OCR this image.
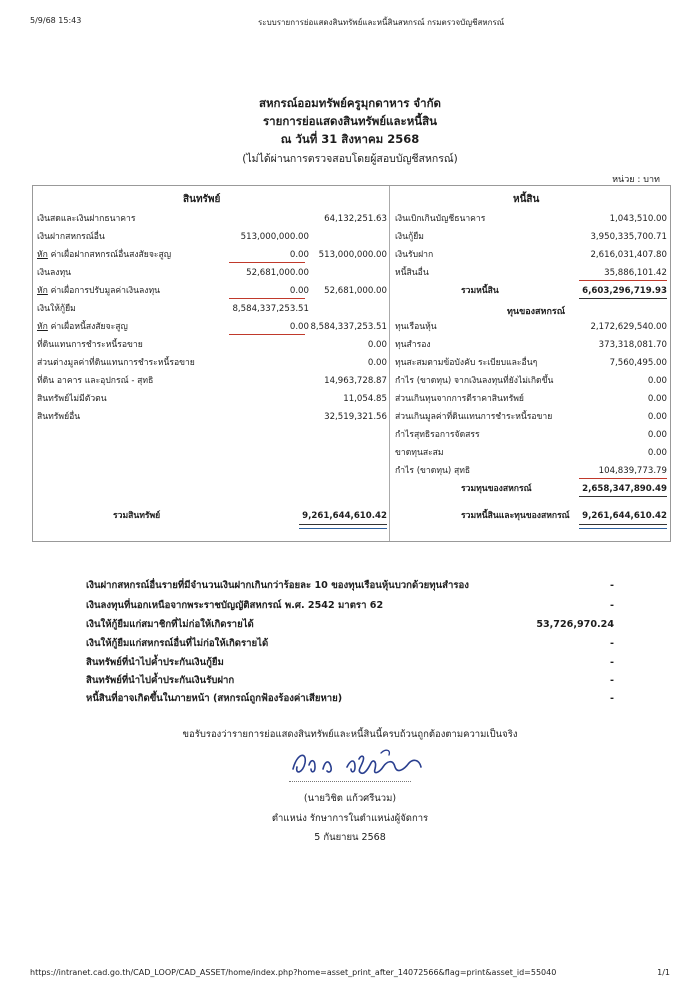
5/9/68 15:43	ระบบรายการย่อแสดงสินทรัพย์และหนี้สินสหกรณ์ กรมตรวจบัญชีสหกรณ์
สหกรณ์ออมทรัพย์ครูมุกดาหาร จำกัด
รายการย่อแสดงสินทรัพย์และหนี้สิน
ณ วันที่ 31 สิงหาคม 2568
(ไม่ได้ผ่านการตรวจสอบโดยผู้สอบบัญชีสหกรณ์)
หน่วย : บาท
สินทรัพย์	หนี้สิน
เงินสดและเงินฝากธนาคาร	64,132,251.63
เงินฝากสหกรณ์อื่น	513,000,000.00
หัก ค่าเผื่อฝากสหกรณ์อื่นสงสัยจะสูญ	0.00 513,000,000.00
เงินลงทุน	52,681,000.00
หัก ค่าเผื่อการปรับมูลค่าเงินลงทุน	0.00 52,681,000.00
เงินให้กู้ยืม	8,584,337,253.51
หัก ค่าเผื่อหนี้สงสัยจะสูญ	0.00 8,584,337,253.51
ที่ดินแทนการชำระหนี้รอขาย	0.00
ส่วนต่างมูลค่าที่ดินแทนการชำระหนี้รอขาย	0.00
ที่ดิน อาคาร และอุปกรณ์ - สุทธิ	14,963,728.87
สินทรัพย์ไม่มีตัวตน	11,054.85
สินทรัพย์อื่น	32,519,321.56
รวมสินทรัพย์	9,261,644,610.42
เงินเบิกเกินบัญชีธนาคาร	1,043,510.00
เงินกู้ยืม	3,950,335,700.71
เงินรับฝาก	2,616,031,407.80
หนี้สินอื่น	35,886,101.42
รวมหนี้สิน	6,603,296,719.93
ทุนของสหกรณ์
ทุนเรือนหุ้น	2,172,629,540.00
ทุนสำรอง	373,318,081.70
ทุนสะสมตามข้อบังคับ ระเบียบและอื่นๆ	7,560,495.00
กำไร (ขาดทุน) จากเงินลงทุนที่ยังไม่เกิดขึ้น	0.00
ส่วนเกินทุนจากการตีราคาสินทรัพย์	0.00
ส่วนเกินมูลค่าที่ดินแทนการชำระหนี้รอขาย	0.00
กำไรสุทธิรอการจัดสรร	0.00
ขาดทุนสะสม	0.00
กำไร (ขาดทุน) สุทธิ	104,839,773.79
รวมทุนของสหกรณ์	2,658,347,890.49
รวมหนี้สินและทุนของสหกรณ์ 9,261,644,610.42
เงินฝากสหกรณ์อื่นรายที่มีจำนวนเงินฝากเกินกว่าร้อยละ 10 ของทุนเรือนหุ้นบวกด้วยทุนสำรอง	-
เงินลงทุนที่นอกเหนือจากพระราชบัญญัติสหกรณ์ พ.ศ. 2542 มาตรา 62	-
เงินให้กู้ยืมแก่สมาชิกที่ไม่ก่อให้เกิดรายได้	53,726,970.24
เงินให้กู้ยืมแก่สหกรณ์อื่นที่ไม่ก่อให้เกิดรายได้	-
สินทรัพย์ที่นำไปค้ำประกันเงินกู้ยืม	-
สินทรัพย์ที่นำไปค้ำประกันเงินรับฝาก	-
หนี้สินที่อาจเกิดขึ้นในภายหน้า (สหกรณ์ถูกฟ้องร้องค่าเสียหาย)	-
ขอรับรองว่ารายการย่อแสดงสินทรัพย์และหนี้สินนี้ครบถ้วนถูกต้องตามความเป็นจริง
(นายวิชิต แก้วศรีนวม)
ตำแหน่ง รักษาการในตำแหน่งผู้จัดการ
5 กันยายน 2568
https://intranet.cad.go.th/CAD_LOOP/CAD_ASSET/home/index.php?home=asset_print_after_14072566&flag=print&asset_id=55040	1/1
